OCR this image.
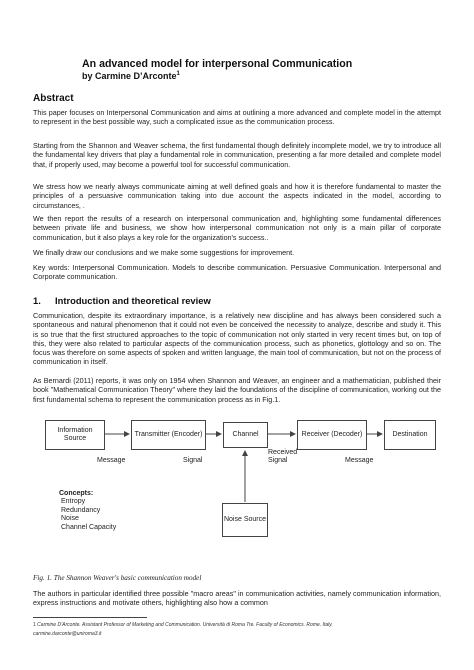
An advanced model for interpersonal Communication
by Carmine D’Arconte$^1$
Abstract

This paper focuses on Interpersonal Communication and aims at outlining a more advanced and complete model in the attempt to represent in the best possible way, such a complicated issue as the communication process.

Starting from the Shannon and Weaver schema, the first fundamental though definitely incomplete model, we try to introduce all the fundamental key drivers that play a fundamental role in communication, presenting a far more detailed and complete model that, if properly used, may become a powerful tool for successful communication.

We stress how we nearly always communicate aiming at well defined goals and how it is therefore fundamental to master the principles of a persuasive communication taking into due account the aspects indicated in the model, according to circumstances, .

We then report the results of a research on interpersonal communication and, highlighting some fundamental differences between private life and business, we show how interpersonal communication not only is a main pillar of corporate communication, but it also plays a key role for the organization's success..

We finally draw our conclusions and we make some suggestions for improvement.

Key words: Interpersonal Communication. Models to describe communication. Persuasive Communication. Interpersonal and Corporate communication.

1. Introduction and theoretical review

Communication, despite its extraordinary importance, is a relatively new discipline and has always been considered such a spontaneous and natural phenomenon that it could not even be conceived the necessity to analyze, describe and study it. This is so true that the first structured approaches to the topic of communication not only started in very recent times but, on top of this, they were also related to particular aspects of the communication process, such as phonetics, glottology and so on. The focus was therefore on some aspects of spoken and written language, the main tool of communication, but not on the process of communication in itself.

As Bernardi (2011) reports, it was only on 1954 when Shannon and Weaver, an engineer and a mathematician, published their book "Mathematical Communication Theory" where they laid the foundations of the discipline of communication, working out the first fundamental schema to represent the communication process as in Fig.1.

Information Source
Transmitter (Encoder)	Channel	Receiver (Decoder)	Destination
Noise Source
Message	Signal
Received Signal	Message
Concepts:
Entropy
Redundancy
Noise
Channel Capacity

Fig. 1. The Shannon Weaver's basic communication model

The authors in particular identified three possible "macro areas" in communication activities, namely communication information, express instructions and motivate others, highlighting also how a common

1 Carmine D’Arconte. Assistant Professor of Marketing and Communication. Università di Roma Tre. Faculty of Economics. Rome. Italy.

carmine.darconte@uniroma3.it
